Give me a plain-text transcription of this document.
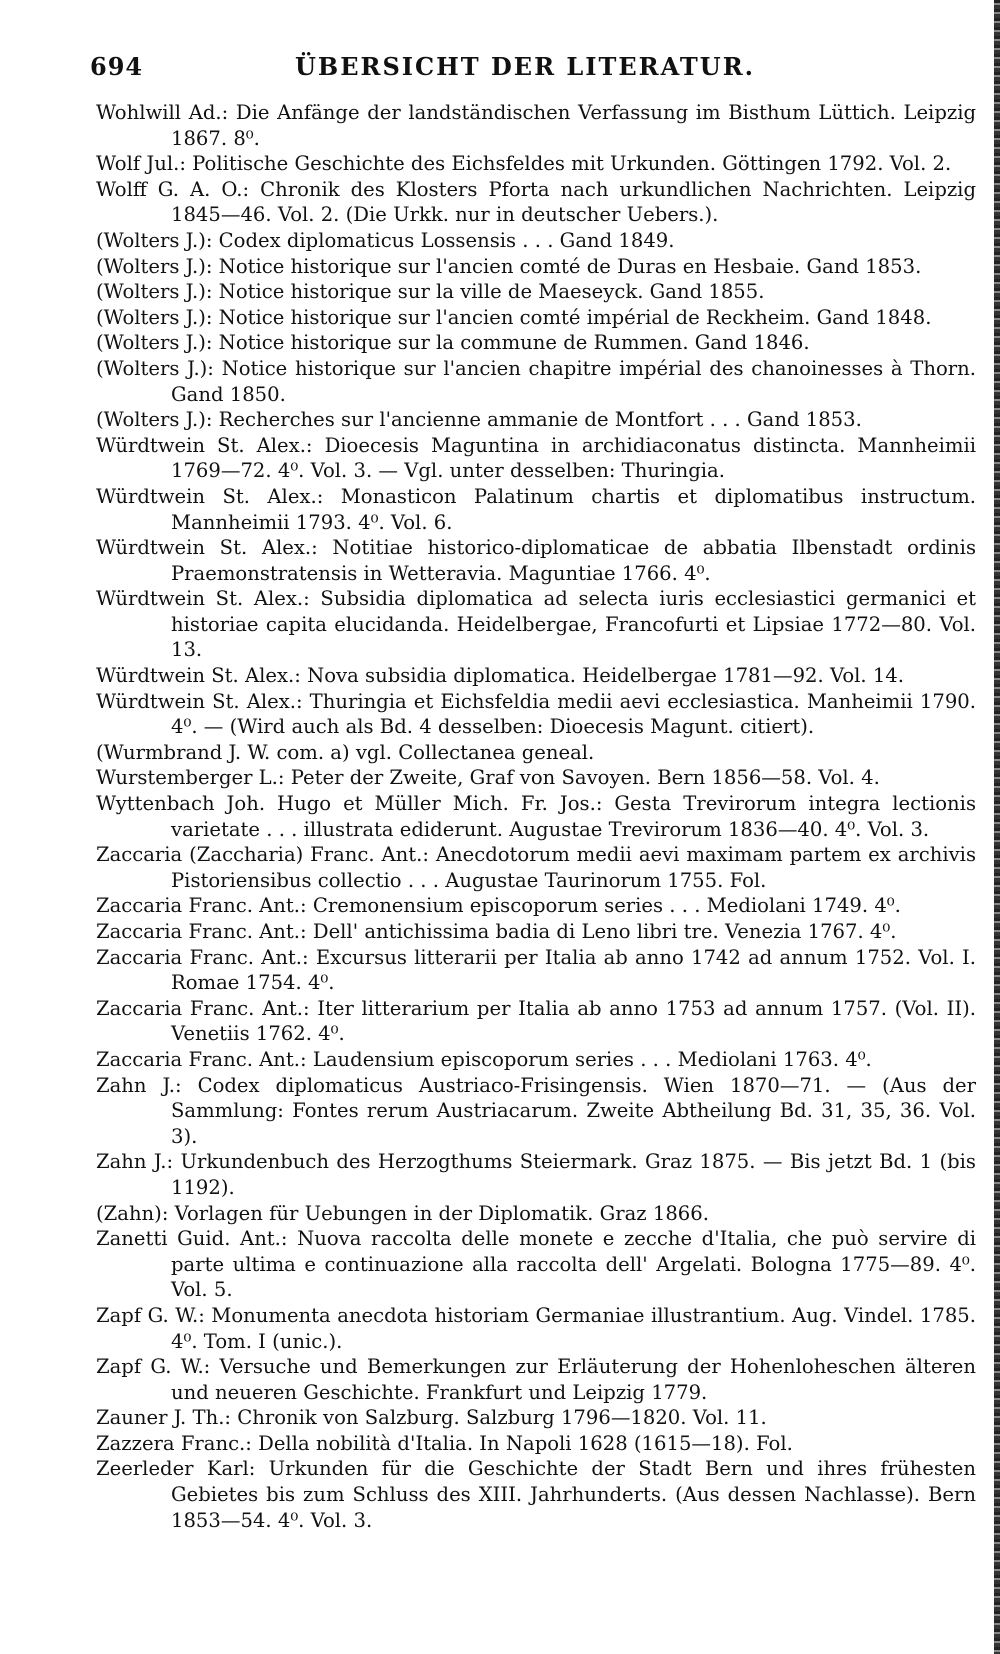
694	ÜBERSICHT DER LITERATUR.

Wohlwill Ad.: Die Anfänge der landständischen Verfassung im Bisthum Lüttich. Leipzig 1867. 8⁰.

Wolf Jul.: Politische Geschichte des Eichsfeldes mit Urkunden. Göttingen 1792. Vol. 2.

Wolff G. A. O.: Chronik des Klosters Pforta nach urkundlichen Nachrichten. Leipzig 1845—46. Vol. 2. (Die Urkk. nur in deutscher Uebers.).

(Wolters J.): Codex diplomaticus Lossensis . . . Gand 1849.

(Wolters J.): Notice historique sur l'ancien comté de Duras en Hesbaie. Gand 1853.

(Wolters J.): Notice historique sur la ville de Maeseyck. Gand 1855.

(Wolters J.): Notice historique sur l'ancien comté impérial de Reckheim. Gand 1848.

(Wolters J.): Notice historique sur la commune de Rummen. Gand 1846.

(Wolters J.): Notice historique sur l'ancien chapitre impérial des chanoinesses à Thorn. Gand 1850.

(Wolters J.): Recherches sur l'ancienne ammanie de Montfort . . . Gand 1853.

Würdtwein St. Alex.: Dioecesis Maguntina in archidiaconatus distincta. Mannheimii 1769—72. 4⁰. Vol. 3. — Vgl. unter desselben: Thuringia.

Würdtwein St. Alex.: Monasticon Palatinum chartis et diplomatibus instructum. Mannheimii 1793. 4⁰. Vol. 6.

Würdtwein St. Alex.: Notitiae historico-diplomaticae de abbatia Ilbenstadt ordinis Praemonstratensis in Wetteravia. Maguntiae 1766. 4⁰.

Würdtwein St. Alex.: Subsidia diplomatica ad selecta iuris ecclesiastici germanici et historiae capita elucidanda. Heidelbergae, Francofurti et Lipsiae 1772—80. Vol. 13.

Würdtwein St. Alex.: Nova subsidia diplomatica. Heidelbergae 1781—92. Vol. 14.

Würdtwein St. Alex.: Thuringia et Eichsfeldia medii aevi ecclesiastica. Manheimii 1790. 4⁰. — (Wird auch als Bd. 4 desselben: Dioecesis Magunt. citiert).

(Wurmbrand J. W. com. a) vgl. Collectanea geneal.

Wurstemberger L.: Peter der Zweite, Graf von Savoyen. Bern 1856—58. Vol. 4.

Wyttenbach Joh. Hugo et Müller Mich. Fr. Jos.: Gesta Trevirorum integra lectionis varietate . . . illustrata ediderunt. Augustae Trevirorum 1836—40. 4⁰. Vol. 3.

Zaccaria (Zaccharia) Franc. Ant.: Anecdotorum medii aevi maximam partem ex archivis Pistoriensibus collectio . . . Augustae Taurinorum 1755. Fol.

Zaccaria Franc. Ant.: Cremonensium episcoporum series . . . Mediolani 1749. 4⁰.

Zaccaria Franc. Ant.: Dell' antichissima badia di Leno libri tre. Venezia 1767. 4⁰.

Zaccaria Franc. Ant.: Excursus litterarii per Italia ab anno 1742 ad annum 1752. Vol. I. Romae 1754. 4⁰.

Zaccaria Franc. Ant.: Iter litterarium per Italia ab anno 1753 ad annum 1757. (Vol. II). Venetiis 1762. 4⁰.

Zaccaria Franc. Ant.: Laudensium episcoporum series . . . Mediolani 1763. 4⁰.

Zahn J.: Codex diplomaticus Austriaco-Frisingensis. Wien 1870—71. — (Aus der Sammlung: Fontes rerum Austriacarum. Zweite Abtheilung Bd. 31, 35, 36. Vol. 3).

Zahn J.: Urkundenbuch des Herzogthums Steiermark. Graz 1875. — Bis jetzt Bd. 1 (bis 1192).

(Zahn): Vorlagen für Uebungen in der Diplomatik. Graz 1866.

Zanetti Guid. Ant.: Nuova raccolta delle monete e zecche d'Italia, che può servire di parte ultima e continuazione alla raccolta dell' Argelati. Bologna 1775—89. 4⁰. Vol. 5.

Zapf G. W.: Monumenta anecdota historiam Germaniae illustrantium. Aug. Vindel. 1785. 4⁰. Tom. I (unic.).

Zapf G. W.: Versuche und Bemerkungen zur Erläuterung der Hohenloheschen älteren und neueren Geschichte. Frankfurt und Leipzig 1779.

Zauner J. Th.: Chronik von Salzburg. Salzburg 1796—1820. Vol. 11.

Zazzera Franc.: Della nobilità d'Italia. In Napoli 1628 (1615—18). Fol.

Zeerleder Karl: Urkunden für die Geschichte der Stadt Bern und ihres frühesten Gebietes bis zum Schluss des XIII. Jahrhunderts. (Aus dessen Nachlasse). Bern 1853—54. 4⁰. Vol. 3.
